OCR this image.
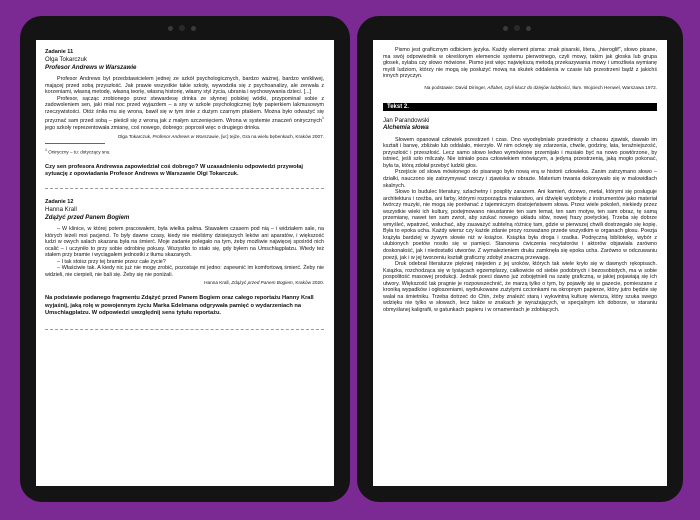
Zadanie 11
Olga Tokarczuk
Profesor Andrews w Warszawie
Profesor Andrews był przedstawicielem jednej ze szkół psychologicznych, bardzo ważnej, bardzo wnikliwej, mającej przed sobą przyszłość. Jak prawie wszystkie takie szkoły, wywodziła się z psychoanalizy, ale zerwała z korzeniami, własną metodę, własną teorię, własną historię, własny styl życia, ubrania i wychowywania dzieci. [...]
Profesor, sącząc zrobionego przez stewardesę drinka ze słynnej polskiej wódki, przypominał sobie z zadowoleniem sen, jaki miał noc przed wyjazdem – a sny w szkole psychologicznej były papierkiem lakmusowym rzeczywistości. Otóż śniła mu się wrona, bawił się w tym śnie z dużym czarnym ptakiem. Można było odważyć się przyznać sam przed sobą – pieścił się z wroną jak z małym szczenięciem. Wrona w systemie znaczeń onirycznych$^1$ jego szkoły reprezentowała zmianę, coś nowego, dobrego: poprosił więc o drugiego drinka.
Olga Tokarczuk, Profesor Andrews w Warszawie, [w:] tejże, Gra na wielu bębenkach, Kraków 2007.
$^1$ Oniryczny – tu: dotyczący snu.
Czy sen profesora Andrewsa zapowiedział coś dobrego? W uzasadnieniu odpowiedzi przywołaj sytuację z opowiadania Profesor Andrews w Warszawie Olgi Tokarczuk.
Zadanie 12
Hanna Krall
Zdążyć przed Panem Bogiem
– W klinice, w której potem pracowałem, była wielka palma. Stawałem czasem pod nią – i widziałem sale, na których leżeli moi pacjenci. To były dawne czasy, kiedy nie mieliśmy dzisiejszych leków ani aparatów, i większość ludzi w owych salach skazana była na śmierć. Moje zadanie polegało na tym, żeby możliwie najwięcej spośród nich ocalić – i uczyniło to przy sobie odrobinę pokusy. Wszystko to stało się, gdy byłem na Umschlagplatzu. Wtedy też stałem przy bramie i wyciągałem jednostki z tłumu skazanych.
– I tak stoisz przy tej bramie przez całe życie?
– Właściwie tak. A kiedy nic już nie mogę zrobić, pozostaje mi jedno: zapewnić im komfortową śmierć. Żeby nie widzieli, nie cierpieli, nie bali się. Żeby się nie poniżali.
Hanna Krall, Zdążyć przed Panem Bogiem, Kraków 2020.
Na podstawie podanego fragmentu Zdążyć przed Panem Bogiem oraz całego reportażu Hanny Krall wyjaśnij, jaką rolę w powojennym życiu Marka Edelmana odgrywała pamięć o wydarzeniach na Umschlagplatzu. W odpowiedzi uwzględnij sens tytułu reportażu.
Pismo jest graficznym odbiciem języka. Każdy element pisma: znak pisarski, litera, „hieroglif”, słowo pisane, ma swój odpowiednik w określonym elemencie systemu pierwotnego, czyli mowy, takim jak głoska lub grupa głosek, sylaba czy słowo mówione. Pismo jest więc największą metodą przekazywania mowy i umożliwia wymianę myśli ludziom, którzy nie mogą się posłużyć mową na skutek oddalenia w czasie lub przestrzeni bądź z jakichś innych przyczyn.
Na podstawie: David Diringer, Alfabet, czyli klucz do dziejów ludzkości, tłum. Wojciech Henwel, Warszawa 1972.
Tekst 2.
Jan Parandowski
Alchemia słowa
Słowem opanował człowiek przestrzeń i czas. Ono wyodrębniało przedmioty z chaosu zjawisk, dawało im kształt i barwę, zbliżało lub oddalało, mierzyło. W nim ocknęły się zdarzenia, chwile, godziny, lata, teraźniejszość, przyszłość i przeszłość. Lecz samo słowo ledwo wymówione przemijało i musiało być na nowo powtórzone, by istnieć, jeśli szło milczały. Nie istniało poza człowiekiem mówiącym, a jedyną przestrzenią, jaką mogło pokonać, była ta, którą zdołał przebyć ludzki głos.
Przejście od słowa mówionego do pisanego było nową erą w historii człowieka. Zanim zatrzymano słowo – działki, nauczono się zatrzymywać rzeczy i zjawiska w obrazie. Materium trwania dokonywało się w malowidłach skalnych.
Słowo to budulec literatury, szlachetny i posplity zarazem. Ani kamień, drzewo, metal, którymi się posługuje architektura i rzeźba, ani farby, którymi rozporządza malarstwo, ani dźwięki wydobyte z instrumentów jako materiał twórczy muzyki, nie mogą się porównać z tajemniczym dostojeństwem słowa. Przez wiele pokoleń, niekiedy przez wszystkie wieki ich kultury, podejmowano nieustannie ten sam temat, ten sam motyw, ten sam obraz, tę samą przemianę, nawet ten sam zwrot, aby szukać nowego układu słów, nowej frazy poetyckiej. Trzeba się dobrze wmyśleć, wpatrzeć, wsłuchać, aby zauważyć subtelną różnicę tam, gdzie w pierwszej chwili dostrzegało się kopię. Była to epoka ucha. Każdy wiersz czy każde zdanie prozy rozważano przede wszystkim w organach głosu. Poezja krążyła bardziej w żywym słowie niż w książce. Książka była droga i rzadka. Podręczną bibliotekę, wybór z ulubionych poetów nosiło się w pamięci. Stanowna ćwiczenia recytatorów i aktorów objawiała zarówno doskonałość, jak i niedostatki utworów. Z wymalezieniem druku zamknęła się epoka ucha. Zarówno w odczuwaniu poezji, jak i w jej tworzeniu kształt graficzny zdobył znaczną przewagę.
Druk odebrał literaturze piękniej niejeden z jej uroków, których tak wiele kryło się w dawnych rękopisach. Książka, rozchodząca się w tysiącach egzemplarzy, całkowicie od siebie podobnych i bezosobistych, ma w sobie pospolitość masowej produkcji. Jednak poeci dawno już zobojętnieli na szatę graficzną, w jakiej pojawiają się ich utwory. Większość tak pragnie je rozpowszechnić, że marzą tylko o tym, by pojawiły się w gazecie, pomieszane z kroniką wypadków i ogłoszeniami, wydrukowane zużytymi czcionkami na okropnym papierze, który jutro będzie się walał na śmietniku. Trzeba dotrzeć do Chin, żeby znaleźć starą i wykwintną kulturę wiersza, który szuka swego wdzięku nie tylko w słowach, lecz także w znakach je wyrażających, w specjalnym ich doborze, w staraniu obmyślanej kaligrafii, w gatunkach papieru i w ornamentach je zdobiących.
